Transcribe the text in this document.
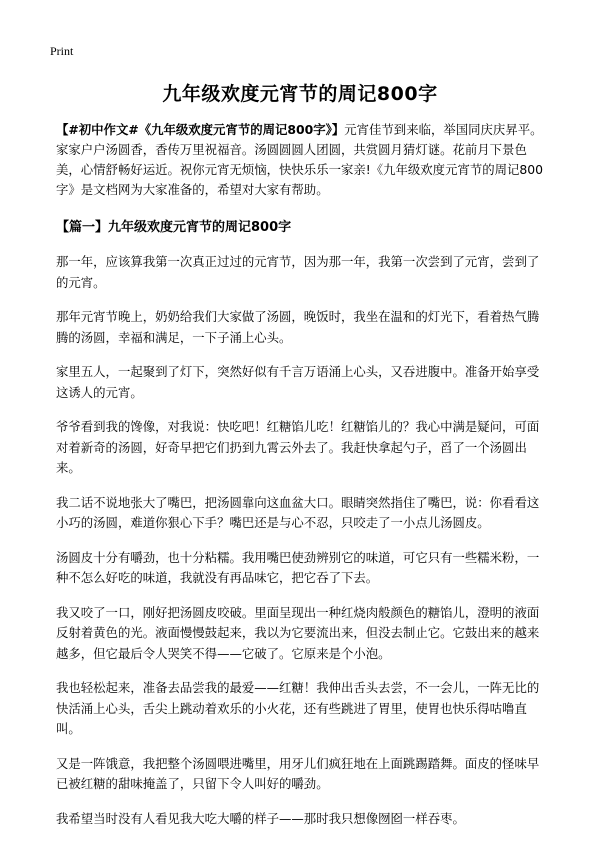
Print
九年级欢度元宵节的周记800字

【#初中作文#《九年级欢度元宵节的周记800字》】元宵佳节到来临，举国同庆庆昇平。家家户户汤圆香，香传万里祝福音。汤圆圆圆人团圆，共赏圆月猜灯谜。花前月下景色美，心情舒畅好运近。祝你元宵无烦恼，快快乐乐一家亲!《九年级欢度元宵节的周记800字》是文档网为大家准备的，希望对大家有帮助。

【篇一】九年级欢度元宵节的周记800字

那一年，应该算我第一次真正过过的元宵节，因为那一年，我第一次尝到了元宵，尝到了的元宵。

那年元宵节晚上，奶奶给我们大家做了汤圆，晚饭时，我坐在温和的灯光下，看着热气腾腾的汤圆，幸福和满足，一下子涌上心头。

家里五人，一起聚到了灯下，突然好似有千言万语涌上心头，又吞进腹中。准备开始享受这诱人的元宵。

爷爷看到我的馋像，对我说：快吃吧！红糖馅儿吃！红糖馅儿的？我心中满是疑问，可面对着新奇的汤圆，好奇早把它们扔到九霄云外去了。我赶快拿起勺子，舀了一个汤圆出来。

我二话不说地张大了嘴巴，把汤圆靠向这血盆大口。眼睛突然指住了嘴巴，说：你看看这小巧的汤圆，难道你狠心下手？嘴巴还是与心不忍，只咬走了一小点儿汤圆皮。

汤圆皮十分有嚼劲，也十分粘糯。我用嘴巴使劲辨别它的味道，可它只有一些糯米粉，一种不怎么好吃的味道，我就没有再品味它，把它吞了下去。

我又咬了一口，刚好把汤圆皮咬破。里面呈现出一种红烧肉般颜色的糖馅儿，澄明的液面反射着黄色的光。液面慢慢鼓起来，我以为它要流出来，但没去制止它。它鼓出来的越来越多，但它最后令人哭笑不得——它破了。它原来是个小泡。

我也轻松起来，准备去品尝我的最爱——红糖！我伸出舌头去尝，不一会儿，一阵无比的快活涌上心头，舌尖上跳动着欢乐的小火花，还有些跳进了胃里，使胃也快乐得咕噜直叫。

又是一阵饿意，我把整个汤圆喂进嘴里，用牙儿们疯狂地在上面跳踢踏舞。面皮的怪味早已被红糖的甜味掩盖了，只留下令人叫好的嚼劲。

我希望当时没有人看见我大吃大嚼的样子——那时我只想像囫囵一样吞枣。
